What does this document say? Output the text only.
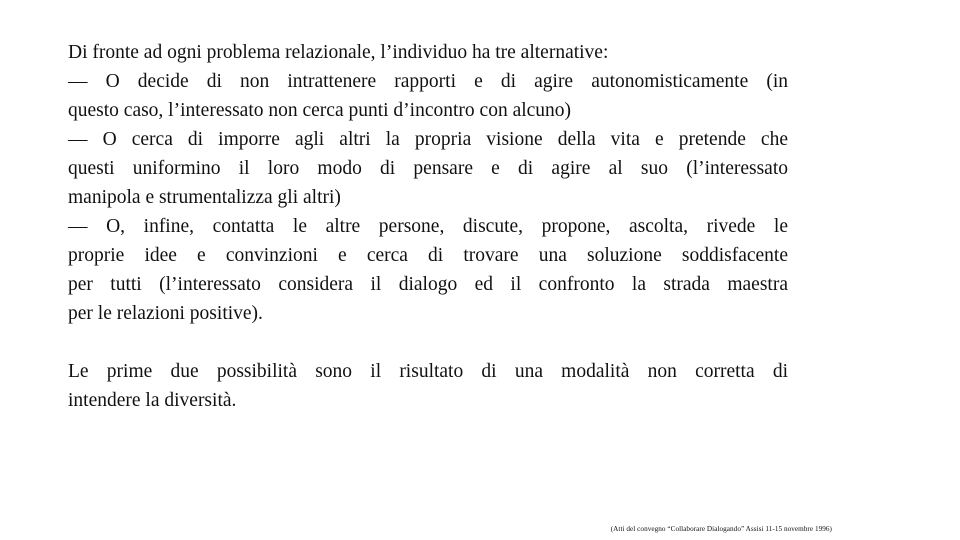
Di fronte ad ogni problema relazionale, l’individuo ha tre alternative:
— O decide di non intrattenere rapporti e di agire autonomisticamente (in
questo caso, l’interessato non cerca punti d’incontro con alcuno)
— O cerca di imporre agli altri la propria visione della vita e pretende che
questi uniformino il loro modo di pensare e di agire al suo (l’interessato
manipola e strumentalizza gli altri)
— O, infine, contatta le altre persone, discute, propone, ascolta, rivede le
proprie idee e convinzioni e cerca di trovare una soluzione soddisfacente
per tutti (l’interessato considera il dialogo ed il confronto la strada maestra
per le relazioni positive).
Le prime due possibilità sono il risultato di una modalità non corretta di
intendere la diversità.
(Atti del convegno “Collaborare Dialogando” Assisi 11-15 novembre 1996)
